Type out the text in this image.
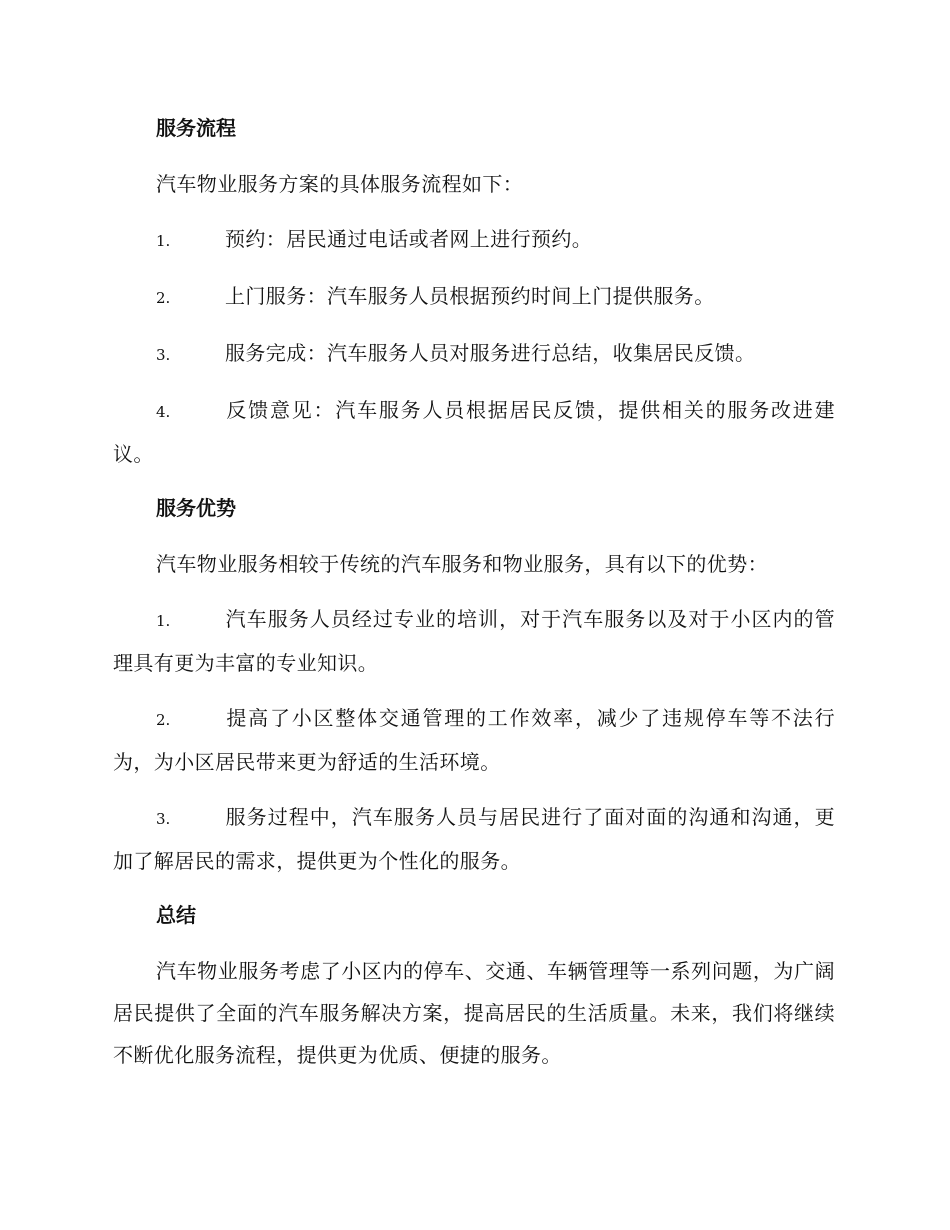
服务流程

汽车物业服务方案的具体服务流程如下：

1.	预约：居民通过电话或者网上进行预约。

2.	上门服务：汽车服务人员根据预约时间上门提供服务。

3.	服务完成：汽车服务人员对服务进行总结，收集居民反馈。

4.	反馈意见：汽车服务人员根据居民反馈，提供相关的服务改进建议。

服务优势

汽车物业服务相较于传统的汽车服务和物业服务，具有以下的优势：

1.	汽车服务人员经过专业的培训，对于汽车服务以及对于小区内的管理具有更为丰富的专业知识。

2.	提高了小区整体交通管理的工作效率，减少了违规停车等不法行为，为小区居民带来更为舒适的生活环境。

3.	服务过程中，汽车服务人员与居民进行了面对面的沟通和沟通，更加了解居民的需求，提供更为个性化的服务。

总结

汽车物业服务考虑了小区内的停车、交通、车辆管理等一系列问题，为广阔居民提供了全面的汽车服务解决方案，提高居民的生活质量。未来，我们将继续不断优化服务流程，提供更为优质、便捷的服务。
